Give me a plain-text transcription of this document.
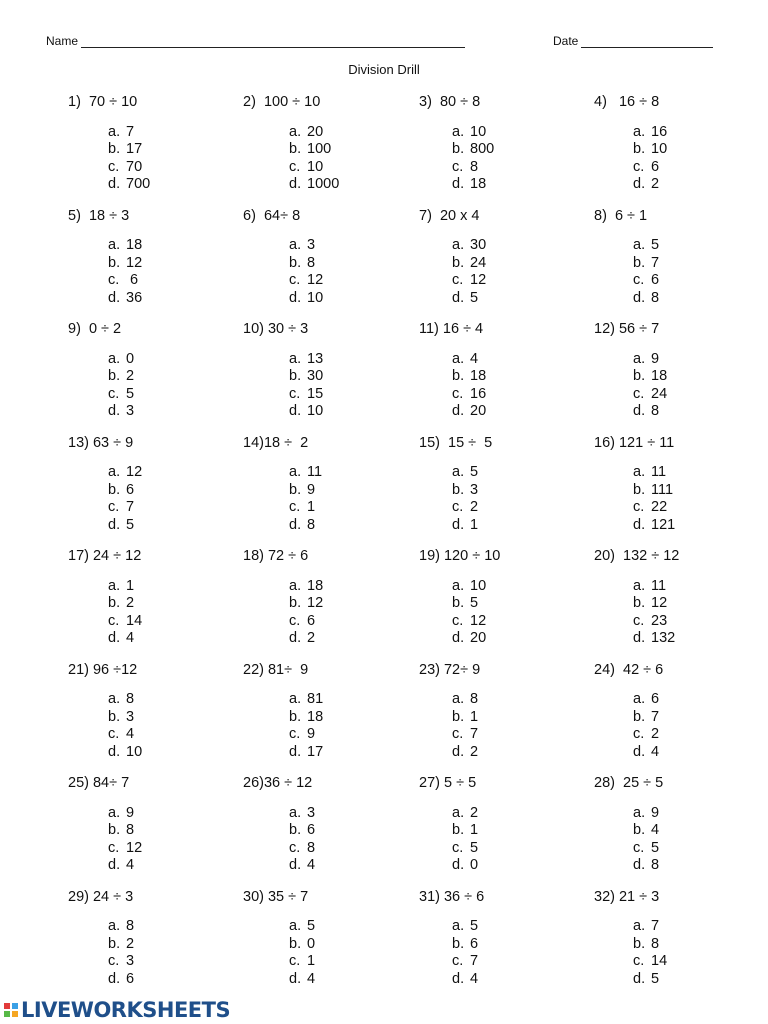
Name	Date
Division Drill
1)  70 ÷ 10
a. 7
b. 17
c. 70
d. 700
2)  100 ÷ 10
a. 20
b. 100
c. 10
d. 1000
3)  80 ÷ 8
a. 10
b. 800
c. 8
d. 18
4)   16 ÷ 8
a. 16
b. 10
c. 6
d. 2
5)  18 ÷ 3
a. 18
b. 12
c. 6
d. 36
6)  64÷ 8
a. 3
b. 8
c. 12
d. 10
7)  20 x 4
a. 30
b. 24
c. 12
d. 5
8)  6 ÷ 1
a. 5
b. 7
c. 6
d. 8
9)  0 ÷ 2
a. 0
b. 2
c. 5
d. 3
10) 30 ÷ 3
a. 13
b. 30
c. 15
d. 10
11) 16 ÷ 4
a. 4
b. 18
c. 16
d. 20
12) 56 ÷ 7
a. 9
b. 18
c. 24
d. 8
13) 63 ÷ 9
a. 12
b. 6
c. 7
d. 5
14)18 ÷  2
a. 11
b. 9
c. 1
d. 8
15)  15 ÷  5
a. 5
b. 3
c. 2
d. 1
16) 121 ÷ 11
a. 11
b. 111
c. 22
d. 121
17) 24 ÷ 12
a. 1
b. 2
c. 14
d. 4
18) 72 ÷ 6
a. 18
b. 12
c. 6
d. 2
19) 120 ÷ 10
a. 10
b. 5
c. 12
d. 20
20)  132 ÷ 12
a. 11
b. 12
c. 23
d. 132
21) 96 ÷12
a. 8
b. 3
c. 4
d. 10
22) 81÷  9
a. 81
b. 18
c. 9
d. 17
23) 72÷ 9
a. 8
b. 1
c. 7
d. 2
24)  42 ÷ 6
a. 6
b. 7
c. 2
d. 4
25) 84÷ 7
a. 9
b. 8
c. 12
d. 4
26)36 ÷ 12
a. 3
b. 6
c. 8
d. 4
27) 5 ÷ 5
a. 2
b. 1
c. 5
d. 0
28)  25 ÷ 5
a. 9
b. 4
c. 5
d. 8
29) 24 ÷ 3
a. 8
b. 2
c. 3
d. 6
30) 35 ÷ 7
a. 5
b. 0
c. 1
d. 4
31) 36 ÷ 6
a. 5
b. 6
c. 7
d. 4
32) 21 ÷ 3
a. 7
b. 8
c. 14
d. 5
LIVEWORKSHEETS
